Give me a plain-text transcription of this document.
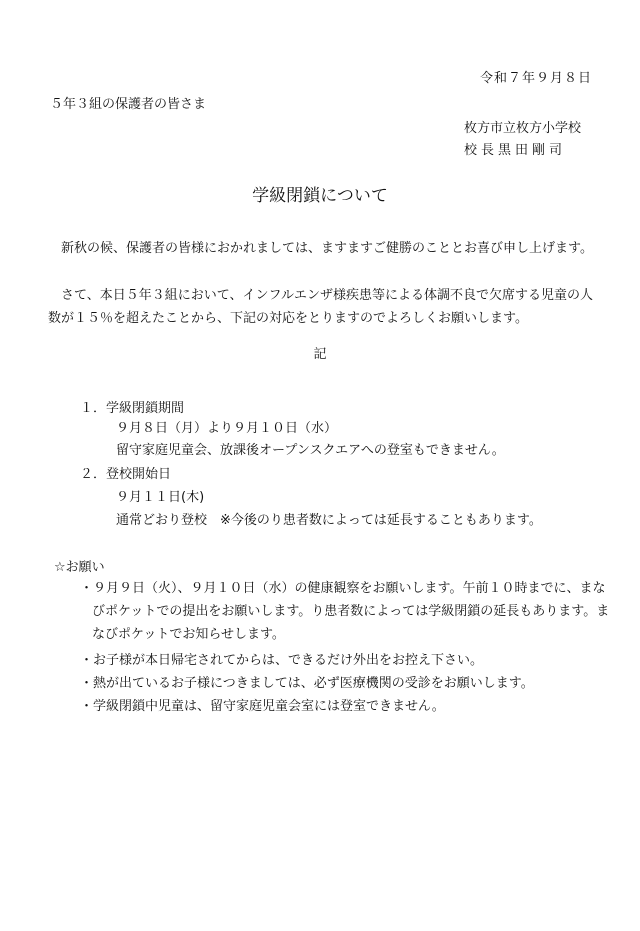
令和７年９月８日
５年３組の保護者の皆さま
枚方市立枚方小学校
校長黒田剛司
学級閉鎖について
新秋の候、保護者の皆様におかれましては、ますますご健勝のこととお喜び申し上げます。
さて、本日５年３組において、インフルエンザ様疾患等による体調不良で欠席する児童の人数が１５％を超えたことから、下記の対応をとりますのでよろしくお願いします。
記
１．学級閉鎖期間
９月８日（月）より９月１０日（水）
留守家庭児童会、放課後オープンスクエアへの登室もできません。
２．登校開始日
９月１１日(木)
通常どおり登校　※今後のり患者数によっては延長することもあります。
☆お願い
・９月９日（火）、９月１０日（水）の健康観察をお願いします。午前１０時までに、まなびポケットでの提出をお願いします。り患者数によっては学級閉鎖の延長もあります。まなびポケットでお知らせします。
・お子様が本日帰宅されてからは、できるだけ外出をお控え下さい。
・熱が出ているお子様につきましては、必ず医療機関の受診をお願いします。
・学級閉鎖中児童は、留守家庭児童会室には登室できません。
